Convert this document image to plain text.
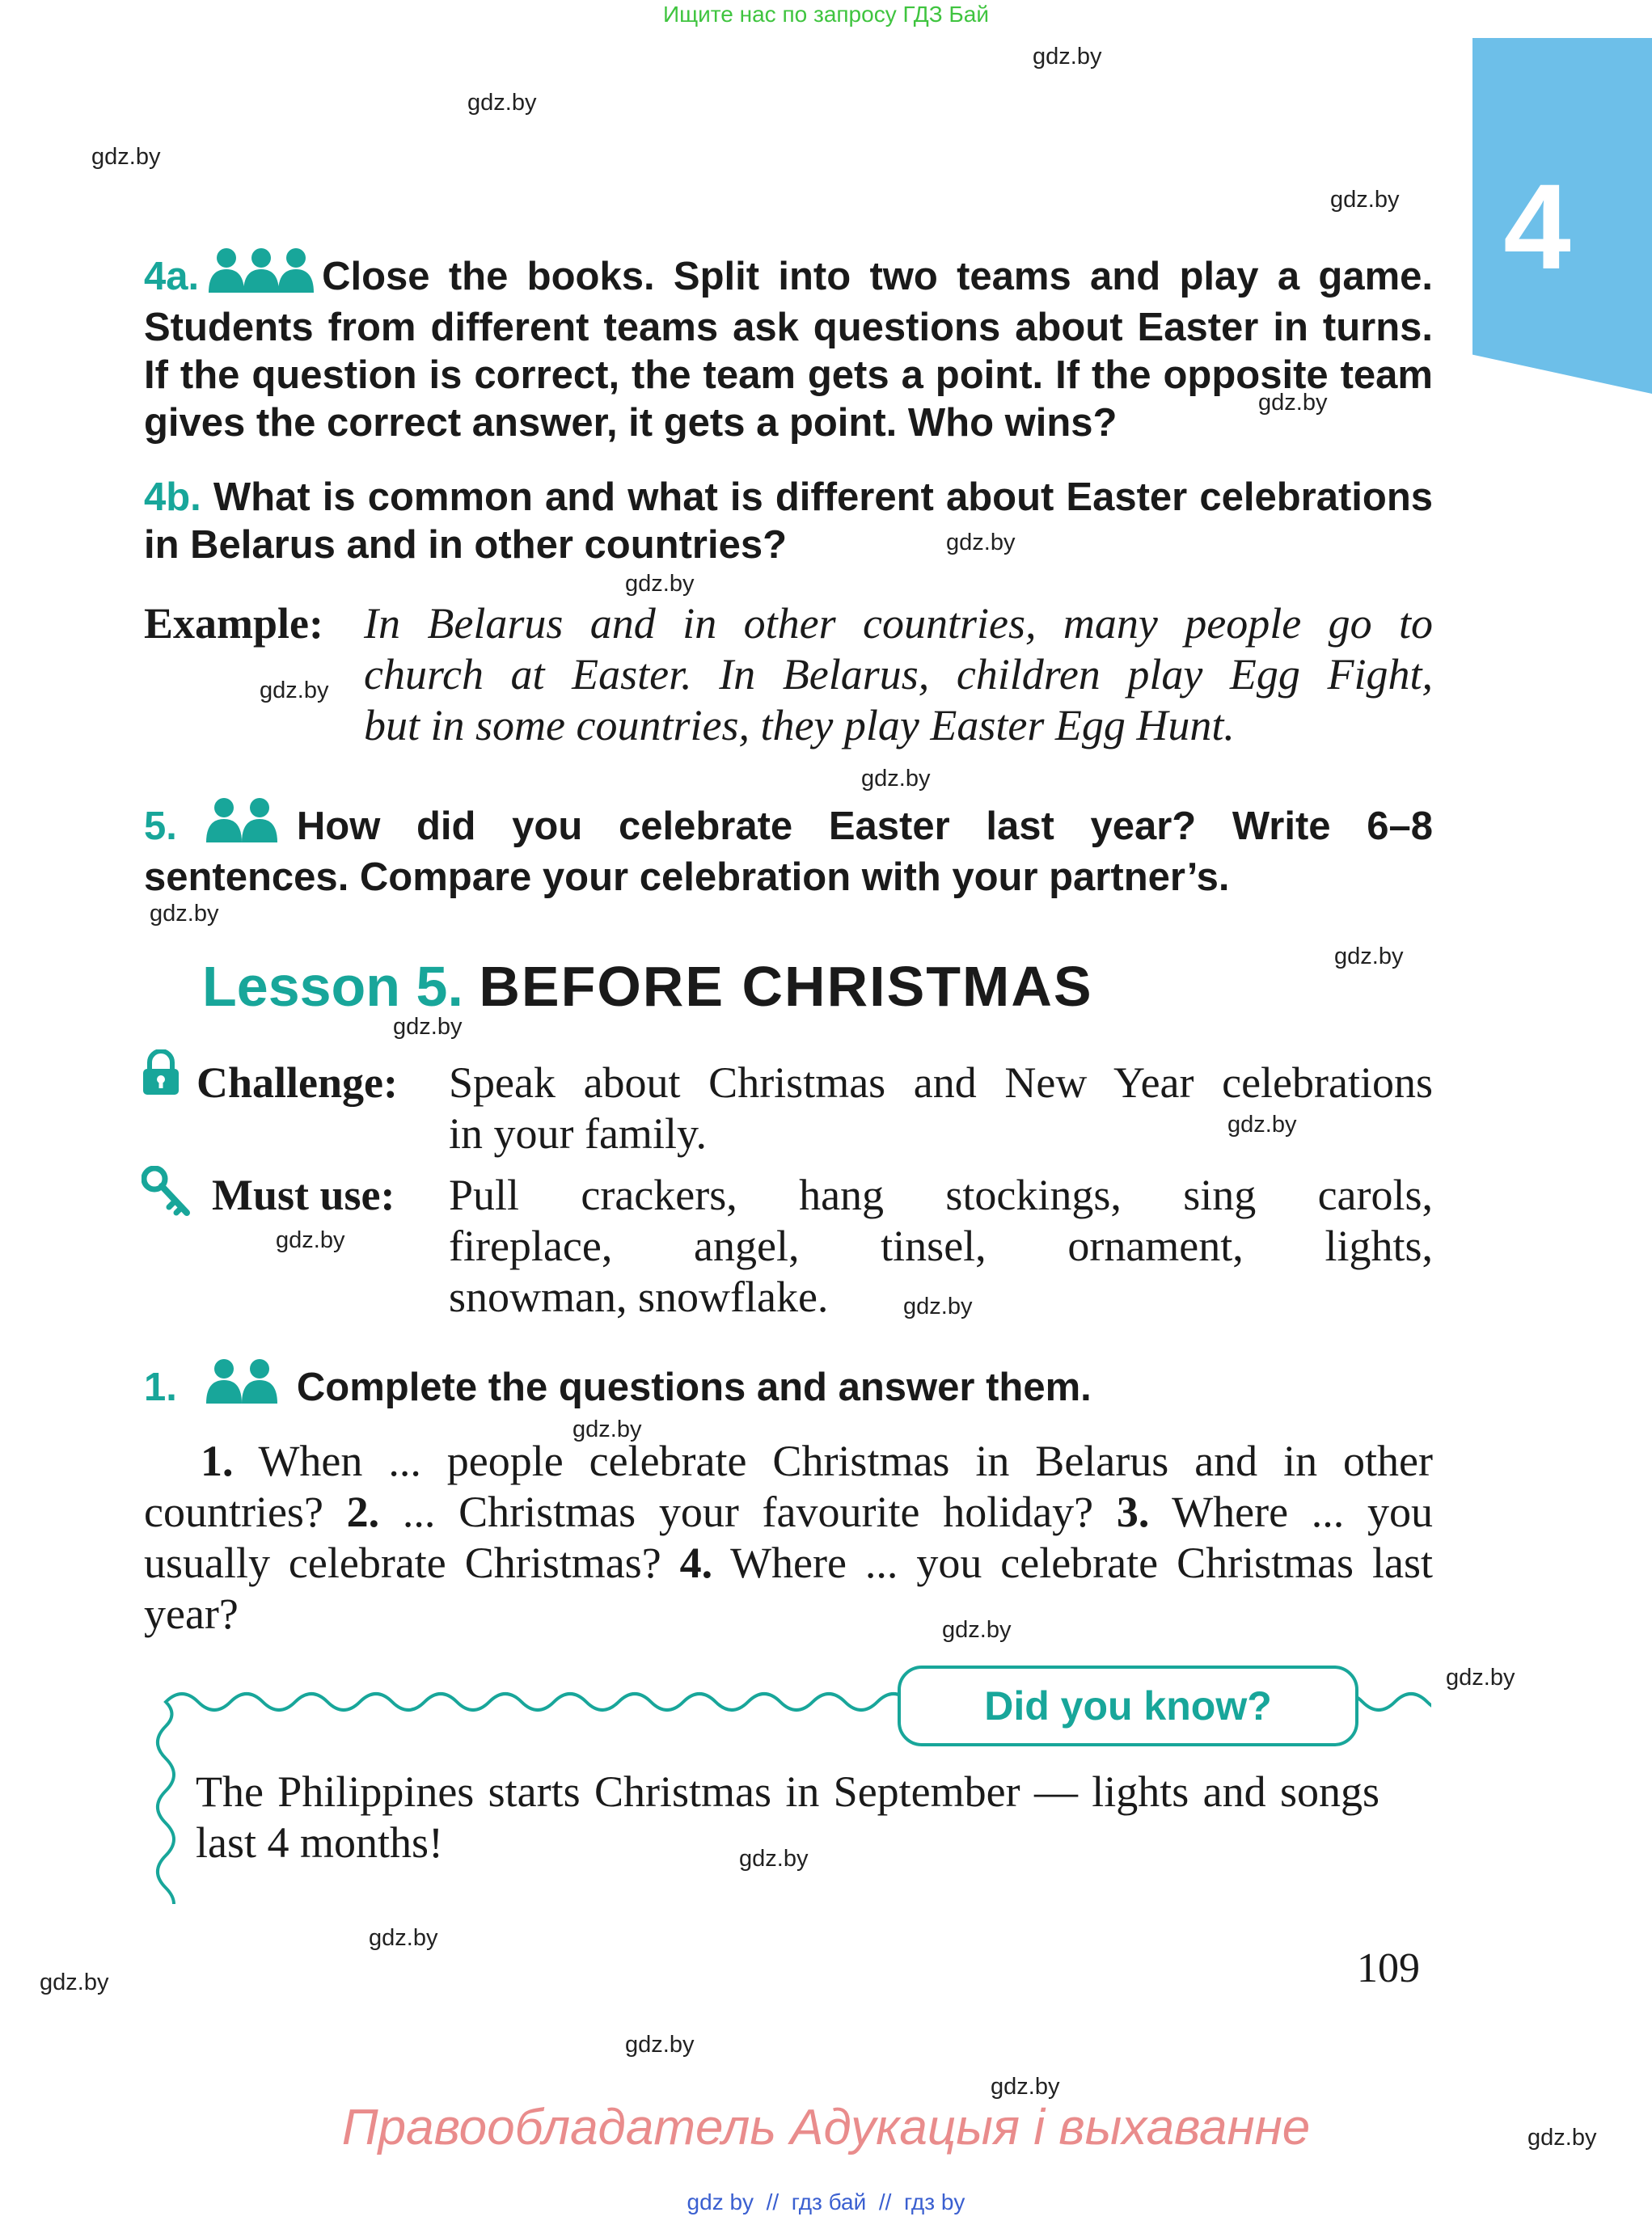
Ищите нас по запросу ГДЗ Бай
4
gdz.by
gdz.by
gdz.by
gdz.by
gdz.by
gdz.by
gdz.by
gdz.by
gdz.by
gdz.by
gdz.by
gdz.by
gdz.by
gdz.by
gdz.by
gdz.by
gdz.by
gdz.by
gdz.by
gdz.by
gdz.by
gdz.by
gdz.by
gdz.by
4a.	Close the books. Split into two teams and play a game. Students from different teams ask questions about Easter in turns. If the question is correct, the team gets a point. If the opposite team gives the correct answer, it gets a point. Who wins?
4b. What is common and what is different about Easter celebrations in Belarus and in other countries?
Example: In Belarus and in other countries, many people go to
church at Easter. In Belarus, children play Egg Fight,
but in some countries, they play Easter Egg Hunt.
5.	How did you celebrate Easter last year? Write 6–8 sentences. Compare your celebration with your partner’s.
Lesson 5. BEFORE CHRISTMAS
Challenge: Speak about Christmas and New Year celebrations
in your family.
Must use: Pull crackers, hang stockings, sing carols,
fireplace, angel, tinsel, ornament, lights,
snowman, snowflake.
1.	Complete the questions and answer them.
1. When ... people celebrate Christmas in Belarus and in other countries? 2. ... Christmas your favourite holiday? 3. Where ... you usually celebrate Christmas? 4. Where ... you celebrate Christmas last year?
Did you know?
The Philippines starts Christmas in September — lights and songs last 4 months!
109
Правообладатель Адукацыя і выхаванне
gdz by // гдз бай // гдз by
